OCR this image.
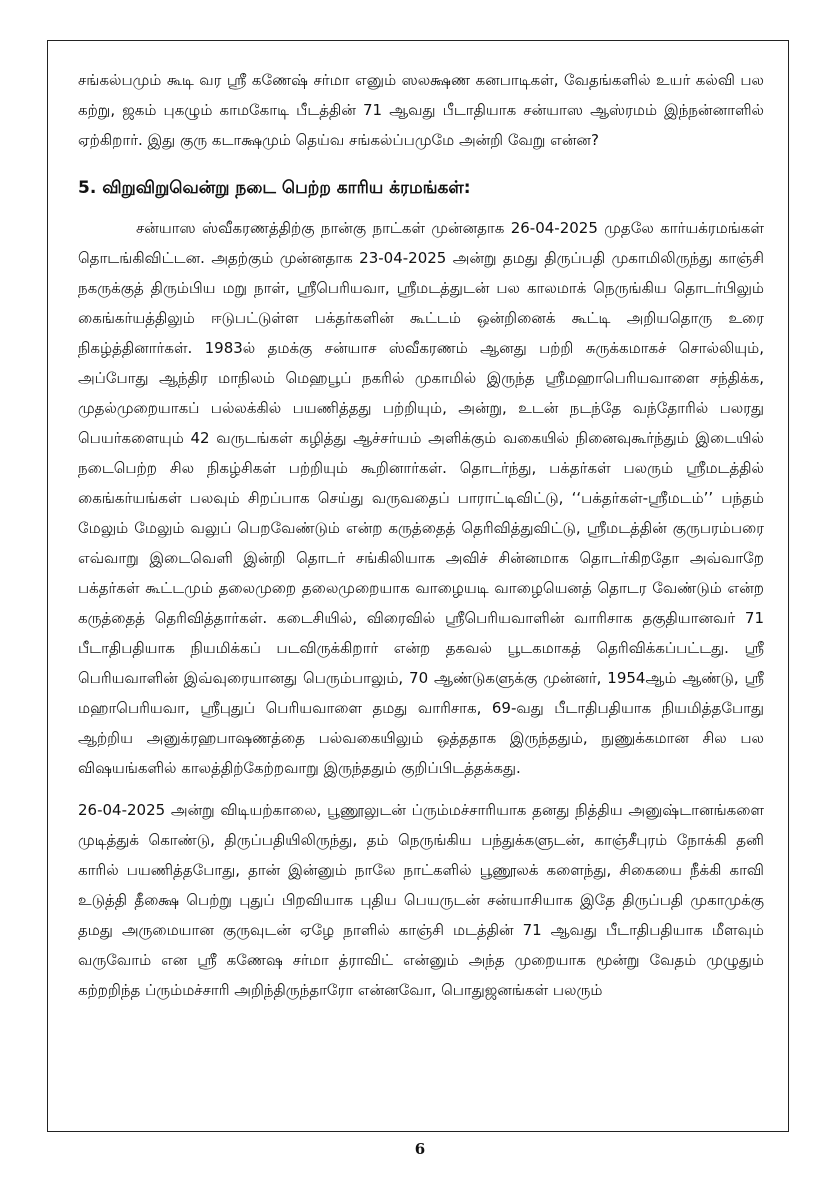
சங்கல்பமும் கூடி வர ஸ்ரீ கணேஷ் சர்மா எனும் ஸலக்ஷண கனபாடிகள், வேதங்களில் உயர் கல்வி பல கற்று, ஜகம் புகழும் காமகோடி பீடத்தின் 71 ஆவது பீடாதியாக சன்யாஸ ஆஸ்ரமம் இந்நன்னாளில் ஏற்கிறார். இது குரு கடாக்ஷமும் தெய்வ சங்கல்ப்பமுமே அன்றி வேறு என்ன?

5. விறுவிறுவென்று நடை பெற்ற காரிய க்ரமங்கள்:

சன்யாஸ ஸ்வீகரணத்திற்கு நான்கு நாட்கள் முன்னதாக 26-04-2025 முதலே கார்யக்ரமங்கள் தொடங்கிவிட்டன. அதற்கும் முன்னதாக 23-04-2025 அன்று தமது திருப்பதி முகாமிலிருந்து காஞ்சி நகருக்குத் திரும்பிய மறு நாள், ஸ்ரீபெரியவா, ஸ்ரீமடத்துடன் பல காலமாக் நெருங்கிய தொடர்பிலும் கைங்கர்யத்திலும் ஈடுபட்டுள்ள பக்தர்களின் கூட்டம் ஒன்றினைக் கூட்டி அறியதொரு உரை நிகழ்த்தினார்கள். 1983ல் தமக்கு சன்யாச ஸ்வீகரணம் ஆனது பற்றி சுருக்கமாகச் சொல்லியும், அப்போது ஆந்திர மாநிலம் மெஹபூப் நகரில் முகாமில் இருந்த ஸ்ரீமஹாபெரியவாளை சந்திக்க, முதல்முறையாகப் பல்லக்கில் பயணித்தது பற்றியும், அன்று, உடன் நடந்தே வந்தோரில் பலரது பெயர்களையும் 42 வருடங்கள் கழித்து ஆச்சர்யம் அளிக்கும் வகையில் நினைவுகூர்ந்தும் இடையில் நடைபெற்ற சில நிகழ்சிகள் பற்றியும் கூறினார்கள். தொடர்ந்து, பக்தர்கள் பலரும் ஸ்ரீமடத்தில் கைங்கர்யங்கள் பலவும் சிறப்பாக செய்து வருவதைப் பாராட்டிவிட்டு, ‘‘பக்தர்கள்-ஸ்ரீமடம்’’ பந்தம் மேலும் மேலும் வலுப் பெறவேண்டும் என்ற கருத்தைத் தெரிவித்துவிட்டு, ஸ்ரீமடத்தின் குருபரம்பரை எவ்வாறு இடைவெளி இன்றி தொடர் சங்கிலியாக அவிச் சின்னமாக தொடர்கிறதோ அவ்வாறே பக்தர்கள் கூட்டமும் தலைமுறை தலைமுறையாக வாழையடி வாழையெனத் தொடர வேண்டும் என்ற கருத்தைத் தெரிவித்தார்கள். கடைசியில், விரைவில் ஸ்ரீபெரியவாளின் வாரிசாக தகுதியானவர் 71 பீடாதிபதியாக நியமிக்கப் படவிருக்கிறார் என்ற தகவல் பூடகமாகத் தெரிவிக்கப்பட்டது. ஸ்ரீ பெரியவாளின் இவ்வுரையானது பெரும்பாலும், 70 ஆண்டுகளுக்கு முன்னர், 1954ஆம் ஆண்டு, ஸ்ரீ மஹாபெரியவா, ஸ்ரீபுதுப் பெரியவாளை தமது வாரிசாக, 69-வது பீடாதிபதியாக நியமித்தபோது ஆற்றிய அனுக்ரஹபாஷணத்தை பல்வகையிலும் ஒத்ததாக இருந்ததும், நுணுக்கமான சில பல விஷயங்களில் காலத்திற்கேற்றவாறு இருந்ததும் குறிப்பிடத்தக்கது.

26-04-2025 அன்று விடியற்காலை, பூணூலுடன் ப்ரும்மச்சாரியாக தனது நித்திய அனுஷ்டானங்களை முடித்துக் கொண்டு, திருப்பதியிலிருந்து, தம் நெருங்கிய பந்துக்களுடன், காஞ்சீபுரம் நோக்கி தனி காரில் பயணித்தபோது, தான் இன்னும் நாலே நாட்களில் பூணூலக் களைந்து, சிகையை நீக்கி காவி உடுத்தி தீக்ஷை பெற்று புதுப் பிறவியாக புதிய பெயருடன் சன்யாசியாக இதே திருப்பதி முகாமுக்கு தமது அருமையான குருவுடன் ஏழே நாளில் காஞ்சி மடத்தின் 71 ஆவது பீடாதிபதியாக மீளவும் வருவோம் என ஸ்ரீ கணேஷ சர்மா த்ராவிட் என்னும் அந்த முறையாக மூன்று வேதம் முழுதும் கற்றறிந்த ப்ரும்மச்சாரி அறிந்திருந்தாரோ என்னவோ, பொதுஜனங்கள் பலரும்

6
